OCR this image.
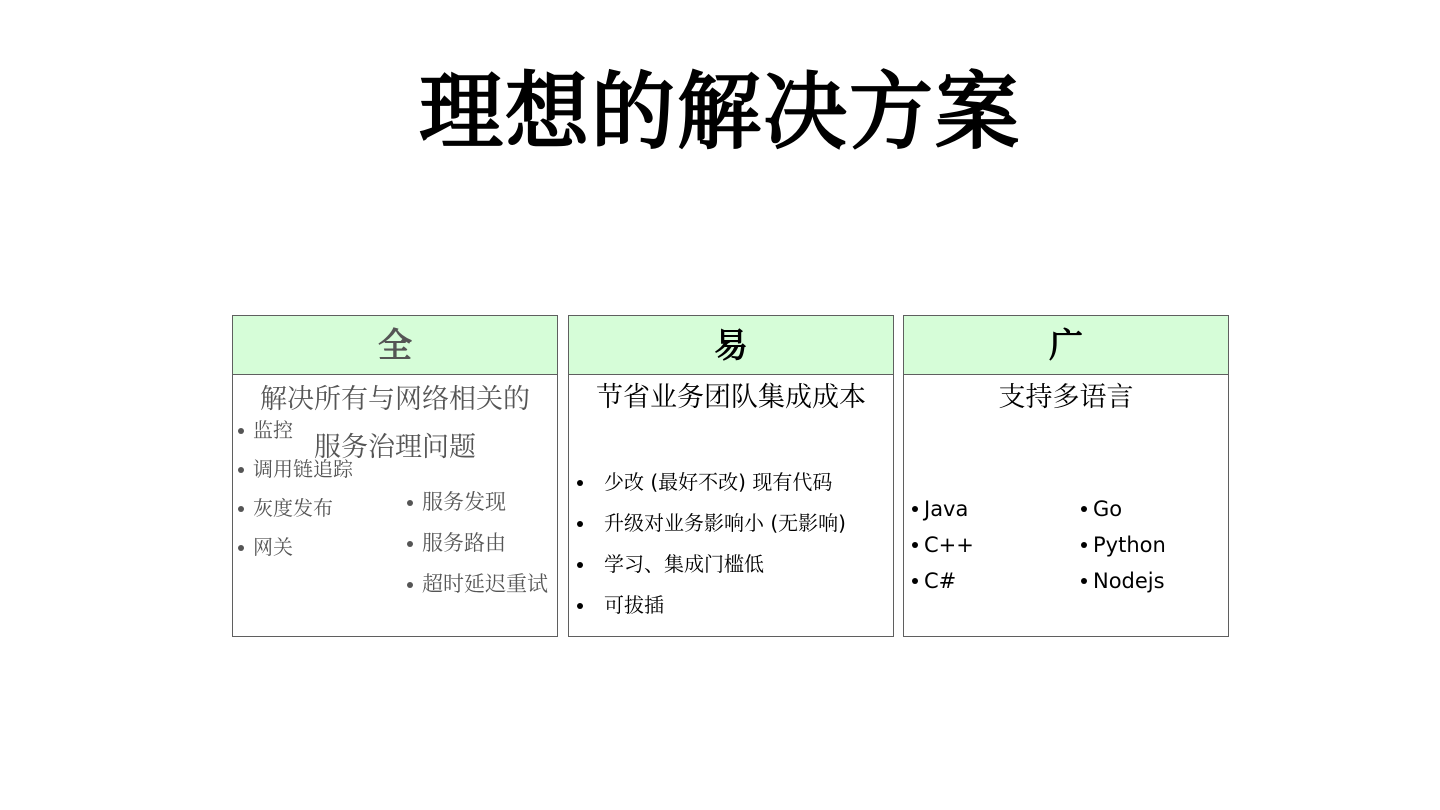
理想的解决方案
全
解决所有与网络相关的
服务治理问题
监控
调用链追踪
灰度发布
网关
服务发现
服务路由
超时延迟重试
易
节省业务团队集成成本
少改 (最好不改) 现有代码
升级对业务影响小 (无影响)
学习、集成门槛低
可拔插
广
支持多语言
Java
C++
C#
Go
Python
Nodejs
